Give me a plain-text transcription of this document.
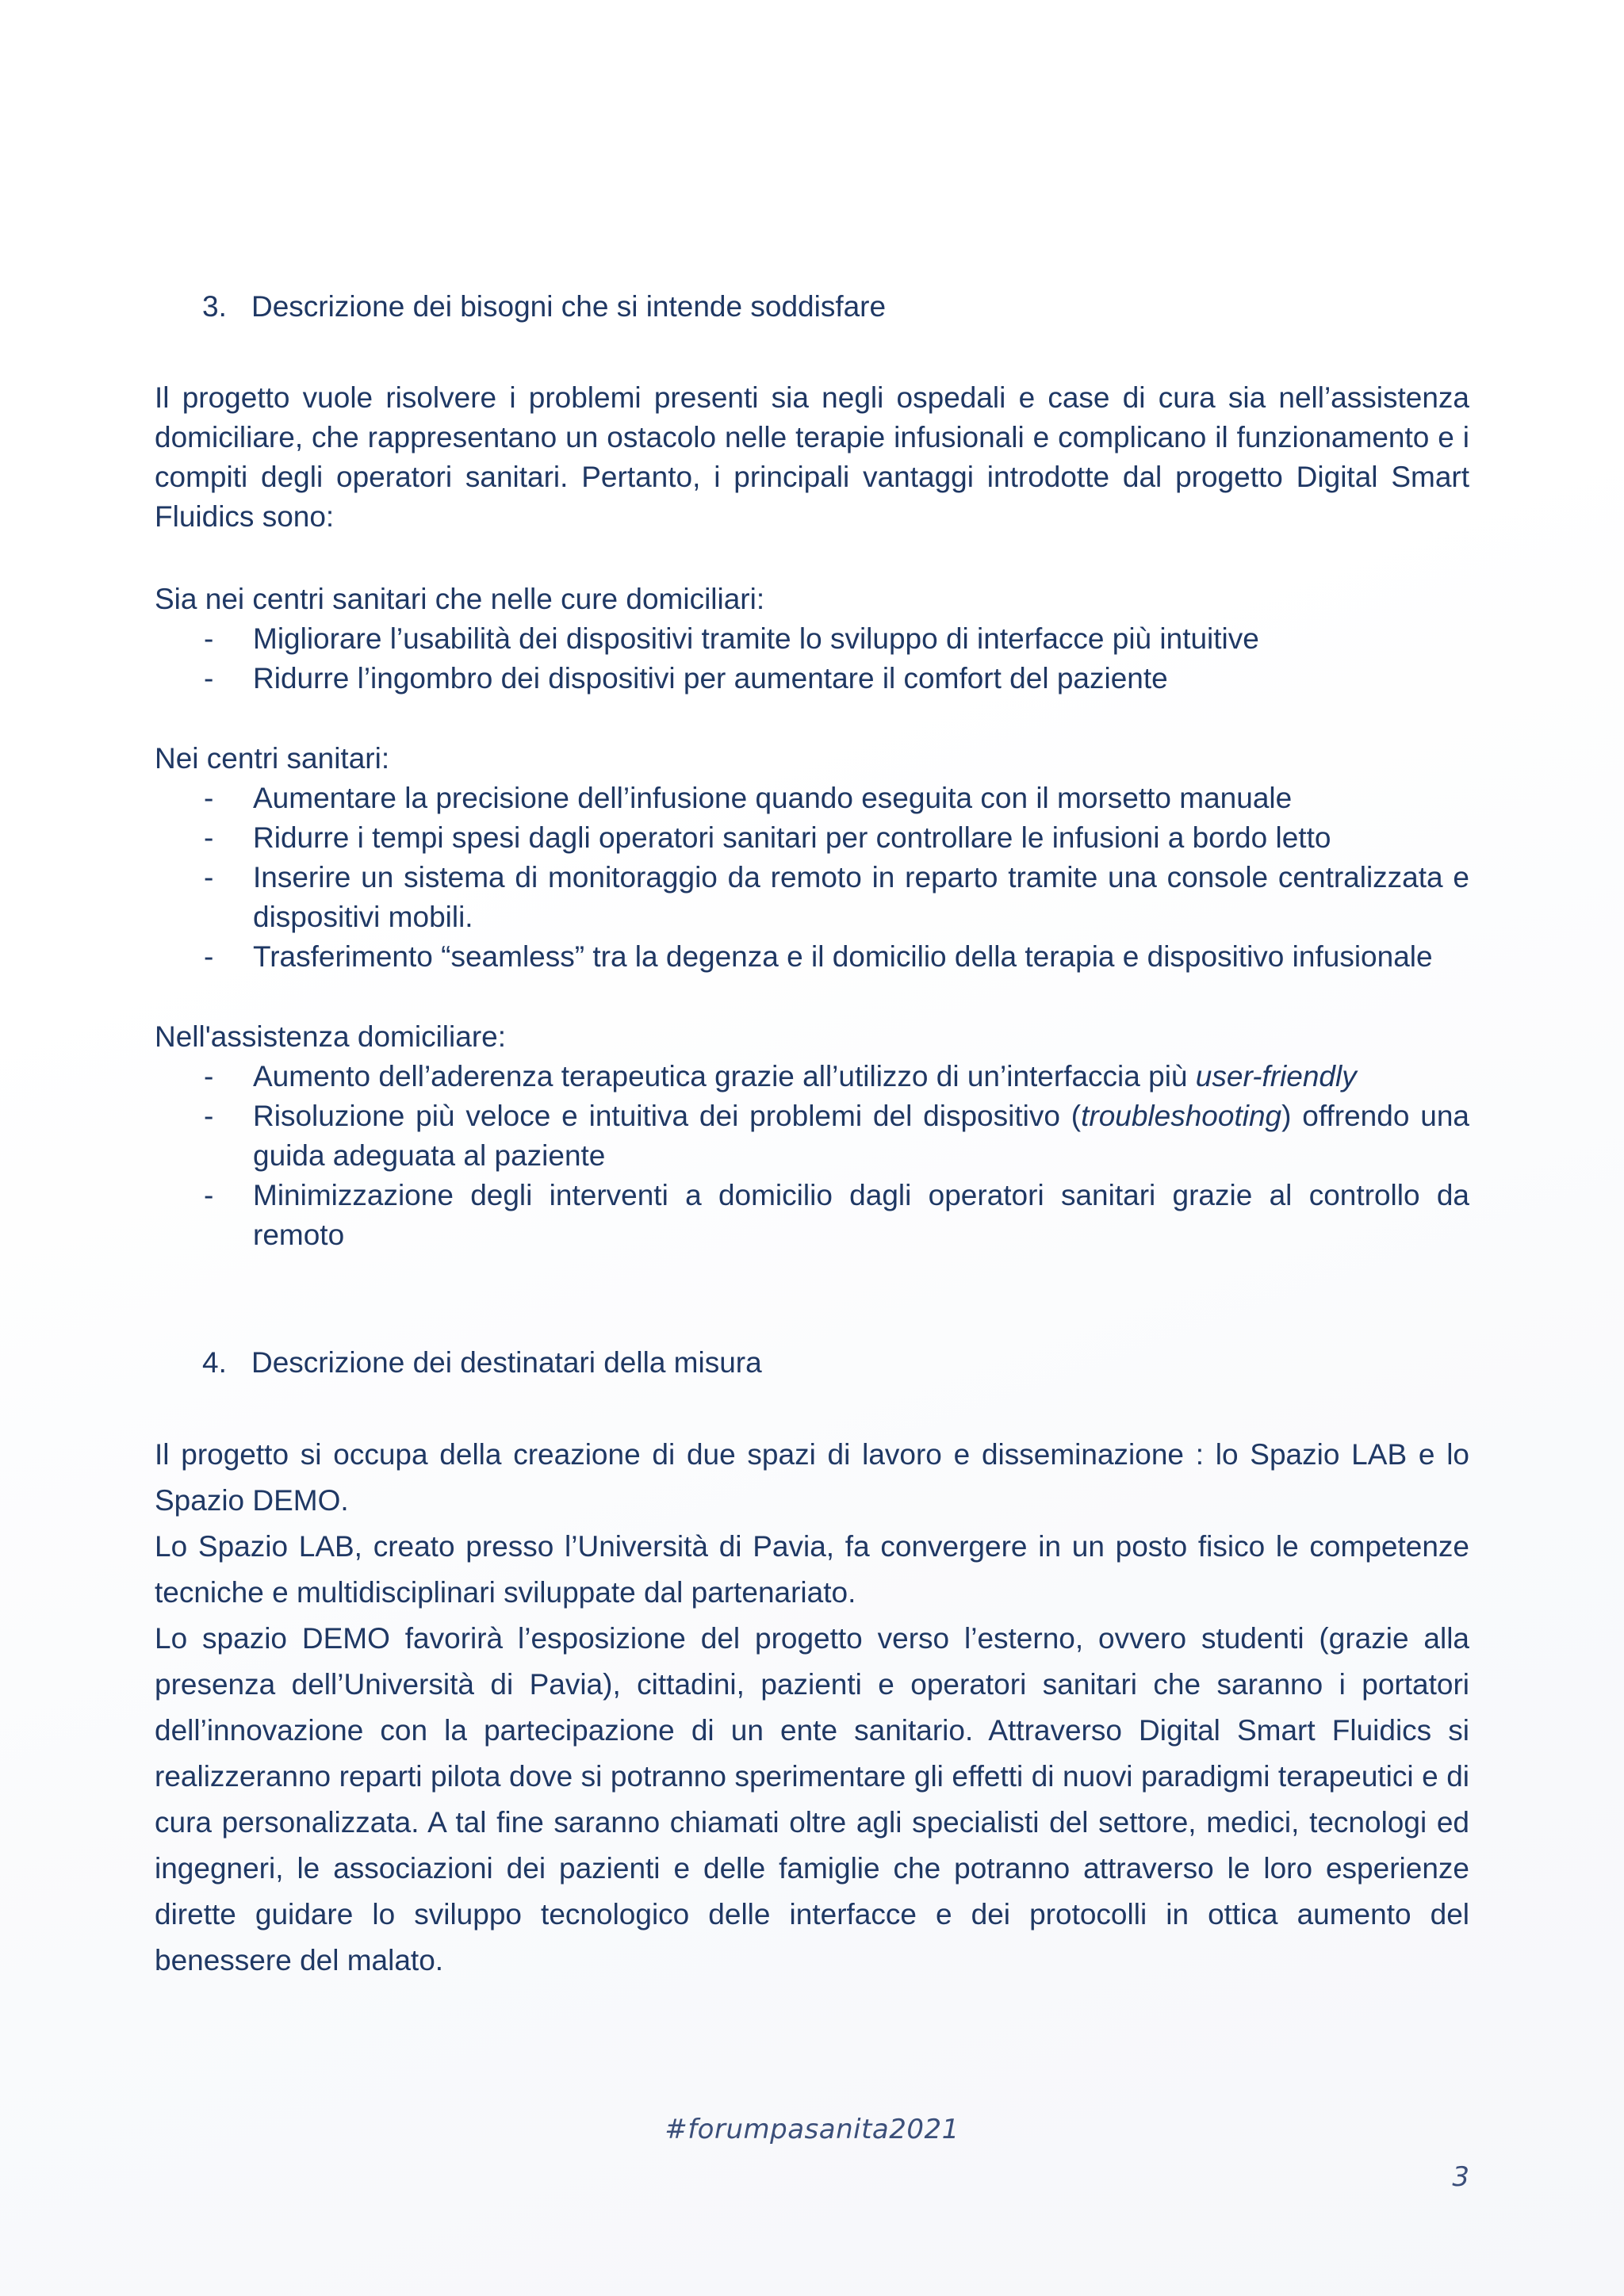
3. Descrizione dei bisogni che si intende soddisfare
Il progetto vuole risolvere i problemi presenti sia negli ospedali e case di cura sia nell’assistenza domiciliare, che rappresentano un ostacolo nelle terapie infusionali e complicano il funzionamento e i compiti degli operatori sanitari. Pertanto, i principali vantaggi introdotte dal progetto Digital Smart Fluidics sono:
Sia nei centri sanitari che nelle cure domiciliari:
- Migliorare l’usabilità dei dispositivi tramite lo sviluppo di interfacce più intuitive
- Ridurre l’ingombro dei dispositivi per aumentare il comfort del paziente
Nei centri sanitari:
- Aumentare la precisione dell’infusione quando eseguita con il morsetto manuale
- Ridurre i tempi spesi dagli operatori sanitari per controllare le infusioni a bordo letto
- Inserire un sistema di monitoraggio da remoto in reparto tramite una console centralizzata e dispositivi mobili.
- Trasferimento “seamless” tra la degenza e il domicilio della terapia e dispositivo infusionale
Nell'assistenza domiciliare:
- Aumento dell’aderenza terapeutica grazie all’utilizzo di un’interfaccia più user-friendly
- Risoluzione più veloce e intuitiva dei problemi del dispositivo (troubleshooting) offrendo una guida adeguata al paziente
- Minimizzazione degli interventi a domicilio dagli operatori sanitari grazie al controllo da remoto
4. Descrizione dei destinatari della misura
Il progetto si occupa della creazione di due spazi di lavoro e disseminazione : lo Spazio LAB e lo Spazio DEMO.
Lo Spazio LAB, creato presso l’Università di Pavia, fa convergere in un posto fisico le competenze tecniche e multidisciplinari sviluppate dal partenariato.
Lo spazio DEMO favorirà l’esposizione del progetto verso l’esterno, ovvero studenti (grazie alla presenza dell’Università di Pavia), cittadini, pazienti e operatori sanitari che saranno i portatori dell’innovazione con la partecipazione di un ente sanitario. Attraverso Digital Smart Fluidics si realizzeranno reparti pilota dove si potranno sperimentare gli effetti di nuovi paradigmi terapeutici e di cura personalizzata. A tal fine saranno chiamati oltre agli specialisti del settore, medici, tecnologi ed ingegneri, le associazioni dei pazienti e delle famiglie che potranno attraverso le loro esperienze dirette guidare lo sviluppo tecnologico delle interfacce e dei protocolli in ottica aumento del benessere del malato.
#forumpasanita2021
3
